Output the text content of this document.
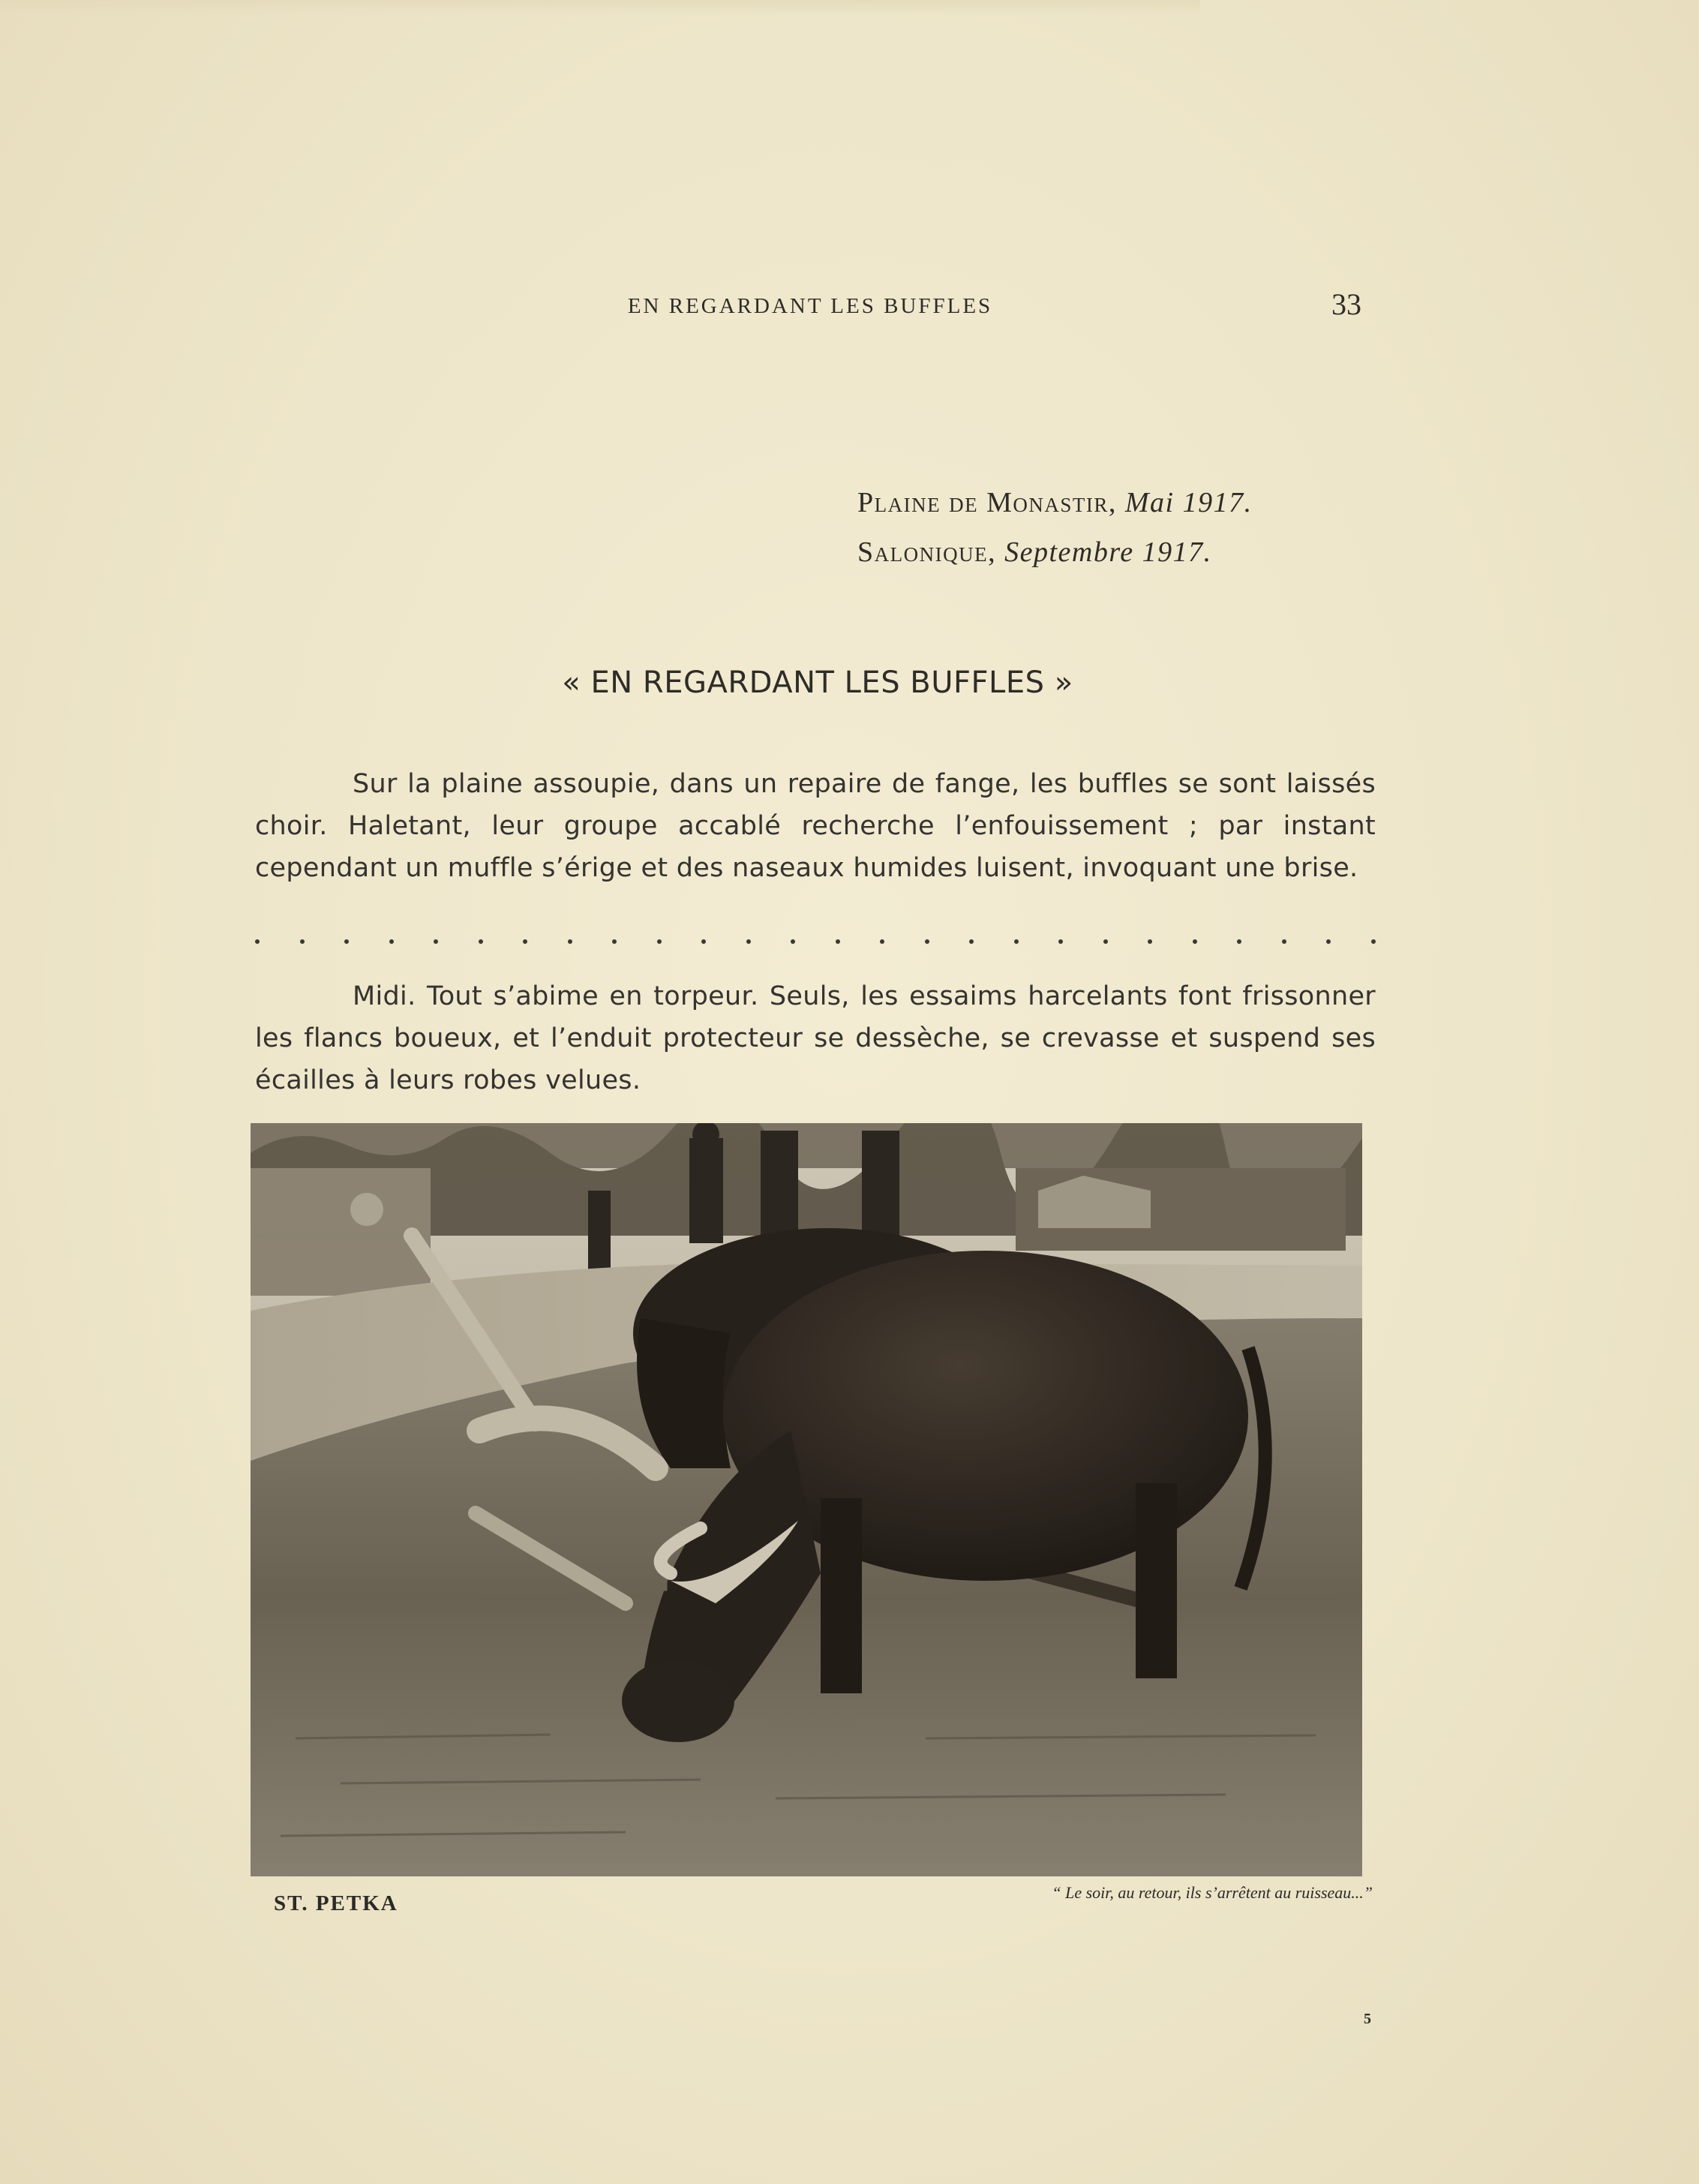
EN REGARDANT LES BUFFLES	33
Plaine de Monastir, Mai 1917.
Salonique, Septembre 1917.
« EN REGARDANT LES BUFFLES »
Sur la plaine assoupie, dans un repaire de fange, les buffles se sont laissés choir. Haletant, leur groupe accablé recherche l’enfouissement ; par instant cependant un muffle s’érige et des naseaux humides luisent, invoquant une brise.
Midi. Tout s’abime en torpeur. Seuls, les essaims harcelants font frissonner les flancs boueux, et l’enduit protecteur se dessèche, se crevasse et suspend ses écailles à leurs robes velues.
ST. PETKA	“ Le soir, au retour, ils s’arrêtent au ruisseau...”
5
